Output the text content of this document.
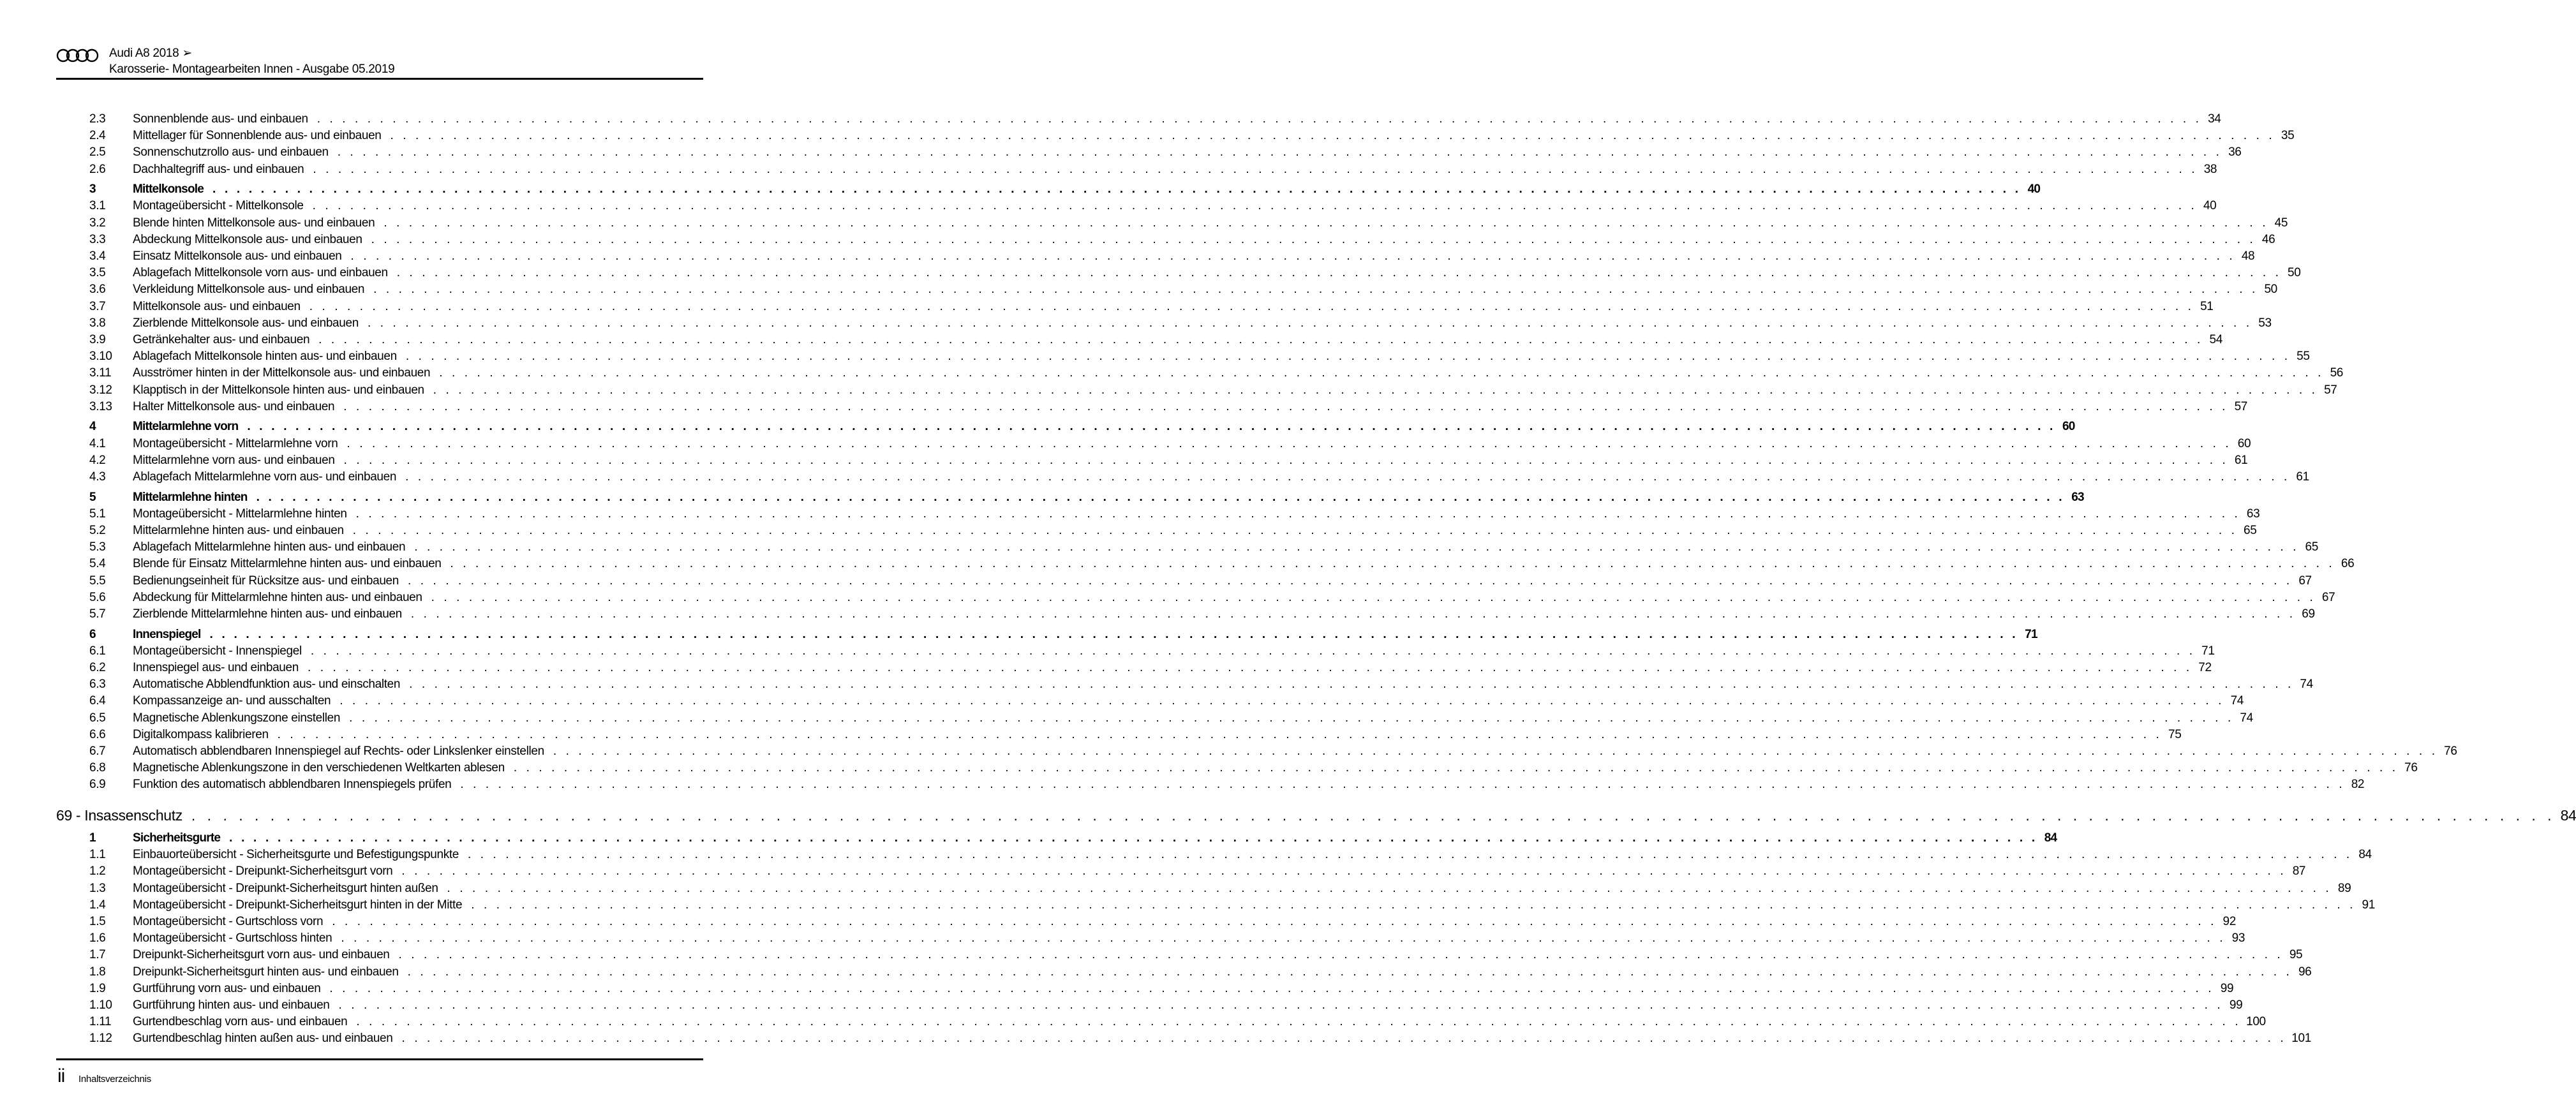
Audi A8 2018 ➢
Karosserie- Montagearbeiten Innen - Ausgabe 05.2019
2.3	Sonnenblende aus- und einbauen . . . . . . . . . . . . . . . . . . . . . . . . . . . . . . . . . . . . . . . . . . . . . . . . . . . . . . . . . . . . . . . . . . . . . . . . . . . . . . . . . . . . . . . . . . . . . . . . . . . . . . . . . . . . . . . . . . . . . . . . . . . . . . . . . . . . . . . . . . . . . . . . . . . . . . 34
2.4	Mittellager für Sonnenblende aus- und einbauen . . . . . . . . . . . . . . . . . . . . . . . . . . . . . . . . . . . . . . . . . . . . . . . . . . . . . . . . . . . . . . . . . . . . . . . . . . . . . . . . . . . . . . . . . . . . . . . . . . . . . . . . . . . . . . . . . . . . . . . . . . . . . . . . . . . . . . . . . . . . . . . . . . . . . . 35
2.5	Sonnenschutzrollo aus- und einbauen . . . . . . . . . . . . . . . . . . . . . . . . . . . . . . . . . . . . . . . . . . . . . . . . . . . . . . . . . . . . . . . . . . . . . . . . . . . . . . . . . . . . . . . . . . . . . . . . . . . . . . . . . . . . . . . . . . . . . . . . . . . . . . . . . . . . . . . . . . . . . . . . . . . . . . 36
2.6	Dachhaltegriff aus- und einbauen . . . . . . . . . . . . . . . . . . . . . . . . . . . . . . . . . . . . . . . . . . . . . . . . . . . . . . . . . . . . . . . . . . . . . . . . . . . . . . . . . . . . . . . . . . . . . . . . . . . . . . . . . . . . . . . . . . . . . . . . . . . . . . . . . . . . . . . . . . . . . . . . . . . . . . 38
3	Mittelkonsole . . . . . . . . . . . . . . . . . . . . . . . . . . . . . . . . . . . . . . . . . . . . . . . . . . . . . . . . . . . . . . . . . . . . . . . . . . . . . . . . . . . . . . . . . . . . . . . . . . . . . . . . . . . . . . . . . . . . . . . . . . . . . . . . . . . . . . . . . . . . . . . . . . . . . . 40
3.1	Montageübersicht - Mittelkonsole . . . . . . . . . . . . . . . . . . . . . . . . . . . . . . . . . . . . . . . . . . . . . . . . . . . . . . . . . . . . . . . . . . . . . . . . . . . . . . . . . . . . . . . . . . . . . . . . . . . . . . . . . . . . . . . . . . . . . . . . . . . . . . . . . . . . . . . . . . . . . . . . . . . . . . 40
3.2	Blende hinten Mittelkonsole aus- und einbauen . . . . . . . . . . . . . . . . . . . . . . . . . . . . . . . . . . . . . . . . . . . . . . . . . . . . . . . . . . . . . . . . . . . . . . . . . . . . . . . . . . . . . . . . . . . . . . . . . . . . . . . . . . . . . . . . . . . . . . . . . . . . . . . . . . . . . . . . . . . . . . . . . . . . . . 45
3.3	Abdeckung Mittelkonsole aus- und einbauen . . . . . . . . . . . . . . . . . . . . . . . . . . . . . . . . . . . . . . . . . . . . . . . . . . . . . . . . . . . . . . . . . . . . . . . . . . . . . . . . . . . . . . . . . . . . . . . . . . . . . . . . . . . . . . . . . . . . . . . . . . . . . . . . . . . . . . . . . . . . . . . . . . . . . . 46
3.4	Einsatz Mittelkonsole aus- und einbauen . . . . . . . . . . . . . . . . . . . . . . . . . . . . . . . . . . . . . . . . . . . . . . . . . . . . . . . . . . . . . . . . . . . . . . . . . . . . . . . . . . . . . . . . . . . . . . . . . . . . . . . . . . . . . . . . . . . . . . . . . . . . . . . . . . . . . . . . . . . . . . . . . . . . . . 48
3.5	Ablagefach Mittelkonsole vorn aus- und einbauen . . . . . . . . . . . . . . . . . . . . . . . . . . . . . . . . . . . . . . . . . . . . . . . . . . . . . . . . . . . . . . . . . . . . . . . . . . . . . . . . . . . . . . . . . . . . . . . . . . . . . . . . . . . . . . . . . . . . . . . . . . . . . . . . . . . . . . . . . . . . . . . . . . . . . . 50
3.6	Verkleidung Mittelkonsole aus- und einbauen . . . . . . . . . . . . . . . . . . . . . . . . . . . . . . . . . . . . . . . . . . . . . . . . . . . . . . . . . . . . . . . . . . . . . . . . . . . . . . . . . . . . . . . . . . . . . . . . . . . . . . . . . . . . . . . . . . . . . . . . . . . . . . . . . . . . . . . . . . . . . . . . . . . . . . 50
3.7	Mittelkonsole aus- und einbauen . . . . . . . . . . . . . . . . . . . . . . . . . . . . . . . . . . . . . . . . . . . . . . . . . . . . . . . . . . . . . . . . . . . . . . . . . . . . . . . . . . . . . . . . . . . . . . . . . . . . . . . . . . . . . . . . . . . . . . . . . . . . . . . . . . . . . . . . . . . . . . . . . . . . . . 51
3.8	Zierblende Mittelkonsole aus- und einbauen . . . . . . . . . . . . . . . . . . . . . . . . . . . . . . . . . . . . . . . . . . . . . . . . . . . . . . . . . . . . . . . . . . . . . . . . . . . . . . . . . . . . . . . . . . . . . . . . . . . . . . . . . . . . . . . . . . . . . . . . . . . . . . . . . . . . . . . . . . . . . . . . . . . . . . 53
3.9	Getränkehalter aus- und einbauen . . . . . . . . . . . . . . . . . . . . . . . . . . . . . . . . . . . . . . . . . . . . . . . . . . . . . . . . . . . . . . . . . . . . . . . . . . . . . . . . . . . . . . . . . . . . . . . . . . . . . . . . . . . . . . . . . . . . . . . . . . . . . . . . . . . . . . . . . . . . . . . . . . . . . . 54
3.10	Ablagefach Mittelkonsole hinten aus- und einbauen . . . . . . . . . . . . . . . . . . . . . . . . . . . . . . . . . . . . . . . . . . . . . . . . . . . . . . . . . . . . . . . . . . . . . . . . . . . . . . . . . . . . . . . . . . . . . . . . . . . . . . . . . . . . . . . . . . . . . . . . . . . . . . . . . . . . . . . . . . . . . . . . . . . . . . 55
3.11	Ausströmer hinten in der Mittelkonsole aus- und einbauen . . . . . . . . . . . . . . . . . . . . . . . . . . . . . . . . . . . . . . . . . . . . . . . . . . . . . . . . . . . . . . . . . . . . . . . . . . . . . . . . . . . . . . . . . . . . . . . . . . . . . . . . . . . . . . . . . . . . . . . . . . . . . . . . . . . . . . . . . . . . . . . . . . . . . . 56
3.12	Klapptisch in der Mittelkonsole hinten aus- und einbauen . . . . . . . . . . . . . . . . . . . . . . . . . . . . . . . . . . . . . . . . . . . . . . . . . . . . . . . . . . . . . . . . . . . . . . . . . . . . . . . . . . . . . . . . . . . . . . . . . . . . . . . . . . . . . . . . . . . . . . . . . . . . . . . . . . . . . . . . . . . . . . . . . . . . . . 57
3.13	Halter Mittelkonsole aus- und einbauen . . . . . . . . . . . . . . . . . . . . . . . . . . . . . . . . . . . . . . . . . . . . . . . . . . . . . . . . . . . . . . . . . . . . . . . . . . . . . . . . . . . . . . . . . . . . . . . . . . . . . . . . . . . . . . . . . . . . . . . . . . . . . . . . . . . . . . . . . . . . . . . . . . . . . . 57
4	Mittelarmlehne vorn . . . . . . . . . . . . . . . . . . . . . . . . . . . . . . . . . . . . . . . . . . . . . . . . . . . . . . . . . . . . . . . . . . . . . . . . . . . . . . . . . . . . . . . . . . . . . . . . . . . . . . . . . . . . . . . . . . . . . . . . . . . . . . . . . . . . . . . . . . . . . . . . . . . . . . 60
4.1	Montageübersicht - Mittelarmlehne vorn . . . . . . . . . . . . . . . . . . . . . . . . . . . . . . . . . . . . . . . . . . . . . . . . . . . . . . . . . . . . . . . . . . . . . . . . . . . . . . . . . . . . . . . . . . . . . . . . . . . . . . . . . . . . . . . . . . . . . . . . . . . . . . . . . . . . . . . . . . . . . . . . . . . . . . 60
4.2	Mittelarmlehne vorn aus- und einbauen . . . . . . . . . . . . . . . . . . . . . . . . . . . . . . . . . . . . . . . . . . . . . . . . . . . . . . . . . . . . . . . . . . . . . . . . . . . . . . . . . . . . . . . . . . . . . . . . . . . . . . . . . . . . . . . . . . . . . . . . . . . . . . . . . . . . . . . . . . . . . . . . . . . . . . 61
4.3	Ablagefach Mittelarmlehne vorn aus- und einbauen . . . . . . . . . . . . . . . . . . . . . . . . . . . . . . . . . . . . . . . . . . . . . . . . . . . . . . . . . . . . . . . . . . . . . . . . . . . . . . . . . . . . . . . . . . . . . . . . . . . . . . . . . . . . . . . . . . . . . . . . . . . . . . . . . . . . . . . . . . . . . . . . . . . . . . 61
5	Mittelarmlehne hinten . . . . . . . . . . . . . . . . . . . . . . . . . . . . . . . . . . . . . . . . . . . . . . . . . . . . . . . . . . . . . . . . . . . . . . . . . . . . . . . . . . . . . . . . . . . . . . . . . . . . . . . . . . . . . . . . . . . . . . . . . . . . . . . . . . . . . . . . . . . . . . . . . . . . . . 63
5.1	Montageübersicht - Mittelarmlehne hinten . . . . . . . . . . . . . . . . . . . . . . . . . . . . . . . . . . . . . . . . . . . . . . . . . . . . . . . . . . . . . . . . . . . . . . . . . . . . . . . . . . . . . . . . . . . . . . . . . . . . . . . . . . . . . . . . . . . . . . . . . . . . . . . . . . . . . . . . . . . . . . . . . . . . . . 63
5.2	Mittelarmlehne hinten aus- und einbauen . . . . . . . . . . . . . . . . . . . . . . . . . . . . . . . . . . . . . . . . . . . . . . . . . . . . . . . . . . . . . . . . . . . . . . . . . . . . . . . . . . . . . . . . . . . . . . . . . . . . . . . . . . . . . . . . . . . . . . . . . . . . . . . . . . . . . . . . . . . . . . . . . . . . . . 65
5.3	Ablagefach Mittelarmlehne hinten aus- und einbauen . . . . . . . . . . . . . . . . . . . . . . . . . . . . . . . . . . . . . . . . . . . . . . . . . . . . . . . . . . . . . . . . . . . . . . . . . . . . . . . . . . . . . . . . . . . . . . . . . . . . . . . . . . . . . . . . . . . . . . . . . . . . . . . . . . . . . . . . . . . . . . . . . . . . . . 65
5.4	Blende für Einsatz Mittelarmlehne hinten aus- und einbauen . . . . . . . . . . . . . . . . . . . . . . . . . . . . . . . . . . . . . . . . . . . . . . . . . . . . . . . . . . . . . . . . . . . . . . . . . . . . . . . . . . . . . . . . . . . . . . . . . . . . . . . . . . . . . . . . . . . . . . . . . . . . . . . . . . . . . . . . . . . . . . . . . . . . . . 66
5.5	Bedienungseinheit für Rücksitze aus- und einbauen . . . . . . . . . . . . . . . . . . . . . . . . . . . . . . . . . . . . . . . . . . . . . . . . . . . . . . . . . . . . . . . . . . . . . . . . . . . . . . . . . . . . . . . . . . . . . . . . . . . . . . . . . . . . . . . . . . . . . . . . . . . . . . . . . . . . . . . . . . . . . . . . . . . . . . 67
5.6	Abdeckung für Mittelarmlehne hinten aus- und einbauen . . . . . . . . . . . . . . . . . . . . . . . . . . . . . . . . . . . . . . . . . . . . . . . . . . . . . . . . . . . . . . . . . . . . . . . . . . . . . . . . . . . . . . . . . . . . . . . . . . . . . . . . . . . . . . . . . . . . . . . . . . . . . . . . . . . . . . . . . . . . . . . . . . . . . . 67
5.7	Zierblende Mittelarmlehne hinten aus- und einbauen . . . . . . . . . . . . . . . . . . . . . . . . . . . . . . . . . . . . . . . . . . . . . . . . . . . . . . . . . . . . . . . . . . . . . . . . . . . . . . . . . . . . . . . . . . . . . . . . . . . . . . . . . . . . . . . . . . . . . . . . . . . . . . . . . . . . . . . . . . . . . . . . . . . . . . 69
6	Innenspiegel . . . . . . . . . . . . . . . . . . . . . . . . . . . . . . . . . . . . . . . . . . . . . . . . . . . . . . . . . . . . . . . . . . . . . . . . . . . . . . . . . . . . . . . . . . . . . . . . . . . . . . . . . . . . . . . . . . . . . . . . . . . . . . . . . . . . . . . . . . . . . . . . . . . . . . 71
6.1	Montageübersicht - Innenspiegel . . . . . . . . . . . . . . . . . . . . . . . . . . . . . . . . . . . . . . . . . . . . . . . . . . . . . . . . . . . . . . . . . . . . . . . . . . . . . . . . . . . . . . . . . . . . . . . . . . . . . . . . . . . . . . . . . . . . . . . . . . . . . . . . . . . . . . . . . . . . . . . . . . . . . . 71
6.2	Innenspiegel aus- und einbauen . . . . . . . . . . . . . . . . . . . . . . . . . . . . . . . . . . . . . . . . . . . . . . . . . . . . . . . . . . . . . . . . . . . . . . . . . . . . . . . . . . . . . . . . . . . . . . . . . . . . . . . . . . . . . . . . . . . . . . . . . . . . . . . . . . . . . . . . . . . . . . . . . . . . . . 72
6.3	Automatische Abblendfunktion aus- und einschalten . . . . . . . . . . . . . . . . . . . . . . . . . . . . . . . . . . . . . . . . . . . . . . . . . . . . . . . . . . . . . . . . . . . . . . . . . . . . . . . . . . . . . . . . . . . . . . . . . . . . . . . . . . . . . . . . . . . . . . . . . . . . . . . . . . . . . . . . . . . . . . . . . . . . . . 74
6.4	Kompassanzeige an- und ausschalten . . . . . . . . . . . . . . . . . . . . . . . . . . . . . . . . . . . . . . . . . . . . . . . . . . . . . . . . . . . . . . . . . . . . . . . . . . . . . . . . . . . . . . . . . . . . . . . . . . . . . . . . . . . . . . . . . . . . . . . . . . . . . . . . . . . . . . . . . . . . . . . . . . . . . . 74
6.5	Magnetische Ablenkungszone einstellen . . . . . . . . . . . . . . . . . . . . . . . . . . . . . . . . . . . . . . . . . . . . . . . . . . . . . . . . . . . . . . . . . . . . . . . . . . . . . . . . . . . . . . . . . . . . . . . . . . . . . . . . . . . . . . . . . . . . . . . . . . . . . . . . . . . . . . . . . . . . . . . . . . . . . . 74
6.6	Digitalkompass kalibrieren . . . . . . . . . . . . . . . . . . . . . . . . . . . . . . . . . . . . . . . . . . . . . . . . . . . . . . . . . . . . . . . . . . . . . . . . . . . . . . . . . . . . . . . . . . . . . . . . . . . . . . . . . . . . . . . . . . . . . . . . . . . . . . . . . . . . . . . . . . . . . . . . . . . . . . 75
6.7	Automatisch abblendbaren Innenspiegel auf Rechts- oder Linkslenker einstellen . . . . . . . . . . . . . . . . . . . . . . . . . . . . . . . . . . . . . . . . . . . . . . . . . . . . . . . . . . . . . . . . . . . . . . . . . . . . . . . . . . . . . . . . . . . . . . . . . . . . . . . . . . . . . . . . . . . . . . . . . . . . . . . . . . . . . . . . . . . . . . . . . . . . . . 76
6.8	Magnetische Ablenkungszone in den verschiedenen Weltkarten ablesen . . . . . . . . . . . . . . . . . . . . . . . . . . . . . . . . . . . . . . . . . . . . . . . . . . . . . . . . . . . . . . . . . . . . . . . . . . . . . . . . . . . . . . . . . . . . . . . . . . . . . . . . . . . . . . . . . . . . . . . . . . . . . . . . . . . . . . . . . . . . . . . . . . . . . . 76
6.9	Funktion des automatisch abblendbaren Innenspiegels prüfen . . . . . . . . . . . . . . . . . . . . . . . . . . . . . . . . . . . . . . . . . . . . . . . . . . . . . . . . . . . . . . . . . . . . . . . . . . . . . . . . . . . . . . . . . . . . . . . . . . . . . . . . . . . . . . . . . . . . . . . . . . . . . . . . . . . . . . . . . . . . . . . . . . . . . . 82
69 - Insassenschutz . . . . . . . . . . . . . . . . . . . . . . . . . . . . . . . . . . . . . . . . . . . . . . . . . . . . . . . . . . . . . . . . . . . . . . . . . . . . . . . . . . . . . . . . . . . . . . . . . . . . . . . . . . . . . . . . . . . . . . . . . . . . . . . . . . . . . . . . . . . . . . . . . . . . . . 84
1	Sicherheitsgurte . . . . . . . . . . . . . . . . . . . . . . . . . . . . . . . . . . . . . . . . . . . . . . . . . . . . . . . . . . . . . . . . . . . . . . . . . . . . . . . . . . . . . . . . . . . . . . . . . . . . . . . . . . . . . . . . . . . . . . . . . . . . . . . . . . . . . . . . . . . . . . . . . . . . . . 84
1.1	Einbauorteübersicht - Sicherheitsgurte und Befestigungspunkte . . . . . . . . . . . . . . . . . . . . . . . . . . . . . . . . . . . . . . . . . . . . . . . . . . . . . . . . . . . . . . . . . . . . . . . . . . . . . . . . . . . . . . . . . . . . . . . . . . . . . . . . . . . . . . . . . . . . . . . . . . . . . . . . . . . . . . . . . . . . . . . . . . . . . . 84
1.2	Montageübersicht - Dreipunkt-Sicherheitsgurt vorn . . . . . . . . . . . . . . . . . . . . . . . . . . . . . . . . . . . . . . . . . . . . . . . . . . . . . . . . . . . . . . . . . . . . . . . . . . . . . . . . . . . . . . . . . . . . . . . . . . . . . . . . . . . . . . . . . . . . . . . . . . . . . . . . . . . . . . . . . . . . . . . . . . . . . . 87
1.3	Montageübersicht - Dreipunkt-Sicherheitsgurt hinten außen . . . . . . . . . . . . . . . . . . . . . . . . . . . . . . . . . . . . . . . . . . . . . . . . . . . . . . . . . . . . . . . . . . . . . . . . . . . . . . . . . . . . . . . . . . . . . . . . . . . . . . . . . . . . . . . . . . . . . . . . . . . . . . . . . . . . . . . . . . . . . . . . . . . . . . 89
1.4	Montageübersicht - Dreipunkt-Sicherheitsgurt hinten in der Mitte . . . . . . . . . . . . . . . . . . . . . . . . . . . . . . . . . . . . . . . . . . . . . . . . . . . . . . . . . . . . . . . . . . . . . . . . . . . . . . . . . . . . . . . . . . . . . . . . . . . . . . . . . . . . . . . . . . . . . . . . . . . . . . . . . . . . . . . . . . . . . . . . . . . . . . 91
1.5	Montageübersicht - Gurtschloss vorn . . . . . . . . . . . . . . . . . . . . . . . . . . . . . . . . . . . . . . . . . . . . . . . . . . . . . . . . . . . . . . . . . . . . . . . . . . . . . . . . . . . . . . . . . . . . . . . . . . . . . . . . . . . . . . . . . . . . . . . . . . . . . . . . . . . . . . . . . . . . . . . . . . . . . . 92
1.6	Montageübersicht - Gurtschloss hinten . . . . . . . . . . . . . . . . . . . . . . . . . . . . . . . . . . . . . . . . . . . . . . . . . . . . . . . . . . . . . . . . . . . . . . . . . . . . . . . . . . . . . . . . . . . . . . . . . . . . . . . . . . . . . . . . . . . . . . . . . . . . . . . . . . . . . . . . . . . . . . . . . . . . . . 93
1.7	Dreipunkt-Sicherheitsgurt vorn aus- und einbauen . . . . . . . . . . . . . . . . . . . . . . . . . . . . . . . . . . . . . . . . . . . . . . . . . . . . . . . . . . . . . . . . . . . . . . . . . . . . . . . . . . . . . . . . . . . . . . . . . . . . . . . . . . . . . . . . . . . . . . . . . . . . . . . . . . . . . . . . . . . . . . . . . . . . . . 95
1.8	Dreipunkt-Sicherheitsgurt hinten aus- und einbauen . . . . . . . . . . . . . . . . . . . . . . . . . . . . . . . . . . . . . . . . . . . . . . . . . . . . . . . . . . . . . . . . . . . . . . . . . . . . . . . . . . . . . . . . . . . . . . . . . . . . . . . . . . . . . . . . . . . . . . . . . . . . . . . . . . . . . . . . . . . . . . . . . . . . . . 96
1.9	Gurtführung vorn aus- und einbauen . . . . . . . . . . . . . . . . . . . . . . . . . . . . . . . . . . . . . . . . . . . . . . . . . . . . . . . . . . . . . . . . . . . . . . . . . . . . . . . . . . . . . . . . . . . . . . . . . . . . . . . . . . . . . . . . . . . . . . . . . . . . . . . . . . . . . . . . . . . . . . . . . . . . . . 99
1.10	Gurtführung hinten aus- und einbauen . . . . . . . . . . . . . . . . . . . . . . . . . . . . . . . . . . . . . . . . . . . . . . . . . . . . . . . . . . . . . . . . . . . . . . . . . . . . . . . . . . . . . . . . . . . . . . . . . . . . . . . . . . . . . . . . . . . . . . . . . . . . . . . . . . . . . . . . . . . . . . . . . . . . . . 99
1.11	Gurtendbeschlag vorn aus- und einbauen . . . . . . . . . . . . . . . . . . . . . . . . . . . . . . . . . . . . . . . . . . . . . . . . . . . . . . . . . . . . . . . . . . . . . . . . . . . . . . . . . . . . . . . . . . . . . . . . . . . . . . . . . . . . . . . . . . . . . . . . . . . . . . . . . . . . . . . . . . . . . . . . . . . . . . 100
1.12	Gurtendbeschlag hinten außen aus- und einbauen . . . . . . . . . . . . . . . . . . . . . . . . . . . . . . . . . . . . . . . . . . . . . . . . . . . . . . . . . . . . . . . . . . . . . . . . . . . . . . . . . . . . . . . . . . . . . . . . . . . . . . . . . . . . . . . . . . . . . . . . . . . . . . . . . . . . . . . . . . . . . . . . . . . . . . 101
ii Inhaltsverzeichnis
